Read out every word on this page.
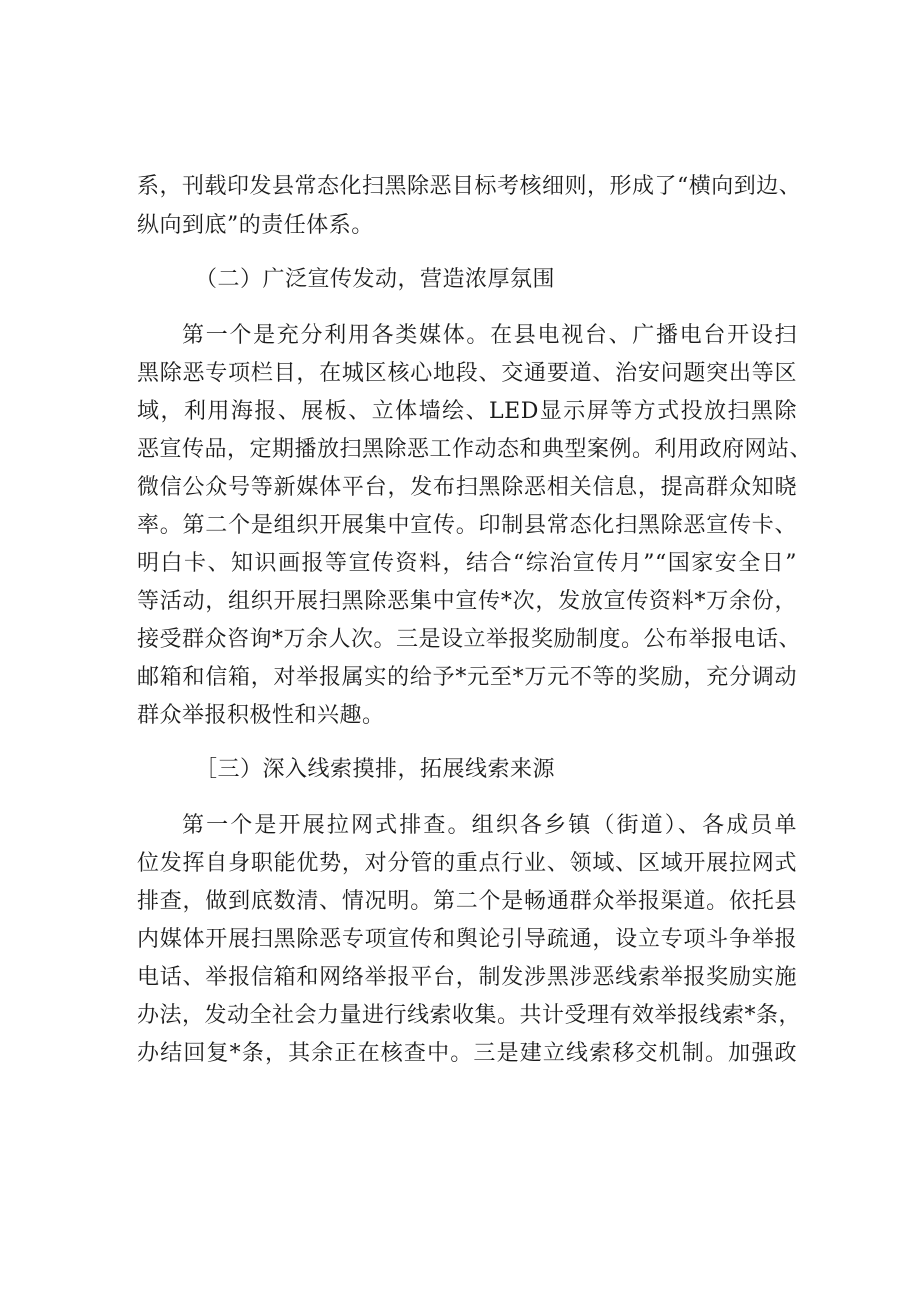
系，刊载印发县常态化扫黑除恶目标考核细则，形成了“横向到边、
纵向到底”的责任体系。
（二）广泛宣传发动，营造浓厚氛围
第一个是充分利用各类媒体。在县电视台、广播电台开设扫
黑除恶专项栏目，在城区核心地段、交通要道、治安问题突出等区
域，利用海报、展板、立体墙绘、LED显示屏等方式投放扫黑除
恶宣传品，定期播放扫黑除恶工作动态和典型案例。利用政府网站、
微信公众号等新媒体平台，发布扫黑除恶相关信息，提高群众知晓
率。第二个是组织开展集中宣传。印制县常态化扫黑除恶宣传卡、
明白卡、知识画报等宣传资料，结合“综治宣传月”“国家安全日”
等活动，组织开展扫黑除恶集中宣传*次，发放宣传资料*万余份，
接受群众咨询*万余人次。三是设立举报奖励制度。公布举报电话、
邮箱和信箱，对举报属实的给予*元至*万元不等的奖励，充分调动
群众举报积极性和兴趣。
［三）深入线索摸排，拓展线索来源
第一个是开展拉网式排查。组织各乡镇（街道）、各成员单
位发挥自身职能优势，对分管的重点行业、领域、区域开展拉网式
排查，做到底数清、情况明。第二个是畅通群众举报渠道。依托县
内媒体开展扫黑除恶专项宣传和舆论引导疏通，设立专项斗争举报
电话、举报信箱和网络举报平台，制发涉黑涉恶线索举报奖励实施
办法，发动全社会力量进行线索收集。共计受理有效举报线索*条，
办结回复*条，其余正在核查中。三是建立线索移交机制。加强政
